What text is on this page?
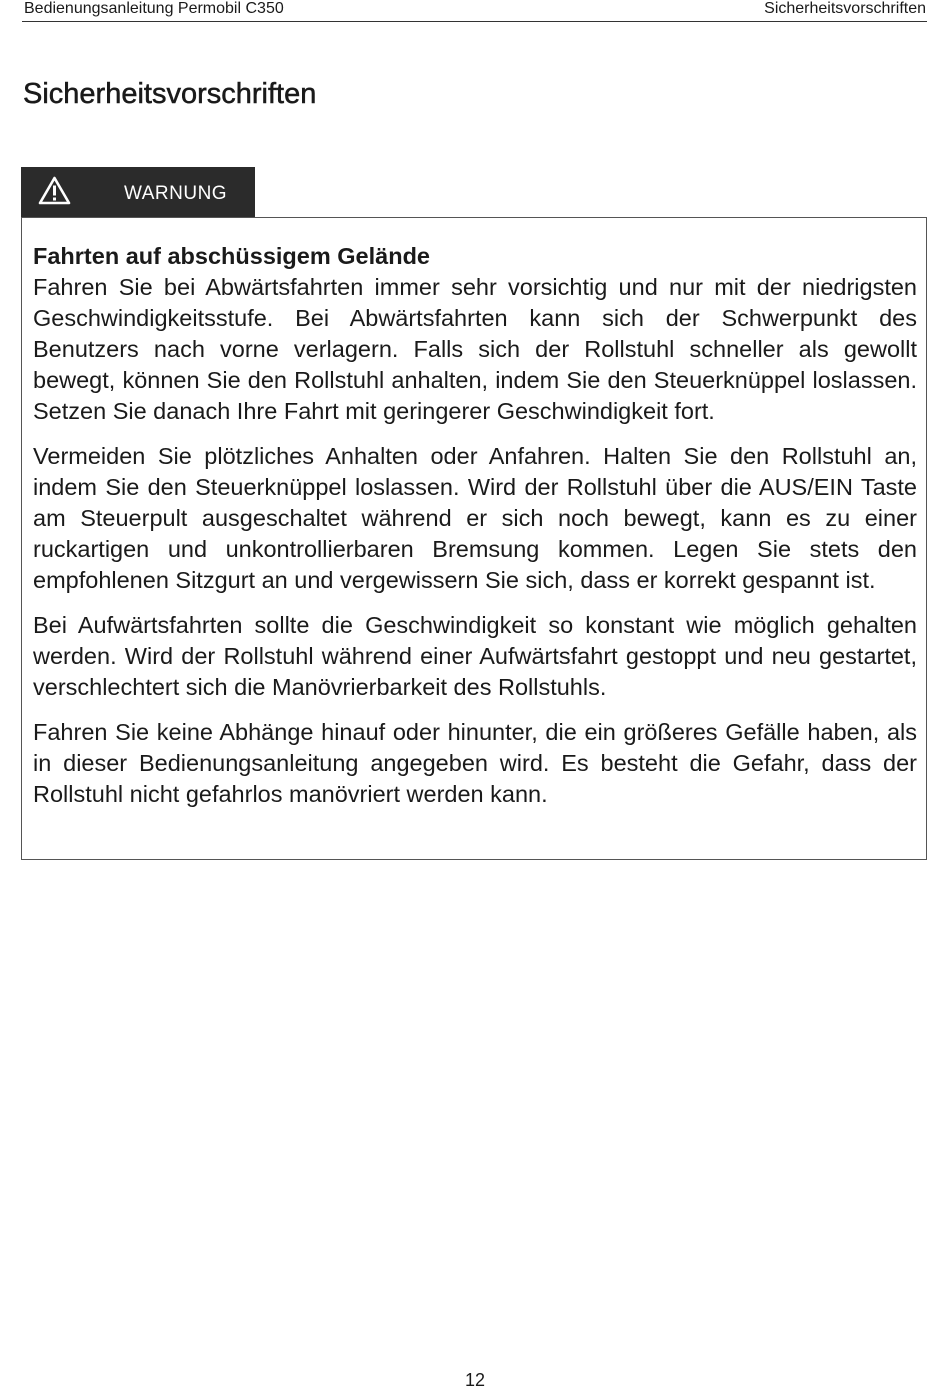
Bedienungsanleitung Permobil C350	Sicherheitsvorschriften
Sicherheitsvorschriften
WARNUNG
Fahrten auf abschüssigem Gelände

Fahren Sie bei Abwärtsfahrten immer sehr vorsichtig und nur mit der niedrigsten Geschwindigkeitsstufe. Bei Abwärtsfahrten kann sich der Schwerpunkt des Benutzers nach vorne verlagern. Falls sich der Rollstuhl schneller als gewollt bewegt, können Sie den Rollstuhl anhalten, indem Sie den Steuerknüppel loslassen. Setzen Sie danach Ihre Fahrt mit geringerer Geschwindigkeit fort.

Vermeiden Sie plötzliches Anhalten oder Anfahren. Halten Sie den Rollstuhl an, indem Sie den Steuerknüppel loslassen. Wird der Rollstuhl über die AUS/EIN Taste am Steuerpult ausgeschaltet während er sich noch bewegt, kann es zu einer ruckartigen und unkontrollierbaren Bremsung kommen. Legen Sie stets den empfohlenen Sitzgurt an und vergewissern Sie sich, dass er korrekt gespannt ist.

Bei Aufwärtsfahrten sollte die Geschwindigkeit so konstant wie möglich gehalten werden. Wird der Rollstuhl während einer Aufwärtsfahrt gestoppt und neu gestartet, verschlechtert sich die Manövrierbarkeit des Rollstuhls.

Fahren Sie keine Abhänge hinauf oder hinunter, die ein größeres Gefälle haben, als in dieser Bedienungsanleitung angegeben wird. Es besteht die Gefahr, dass der Rollstuhl nicht gefahrlos manövriert werden kann.

12
